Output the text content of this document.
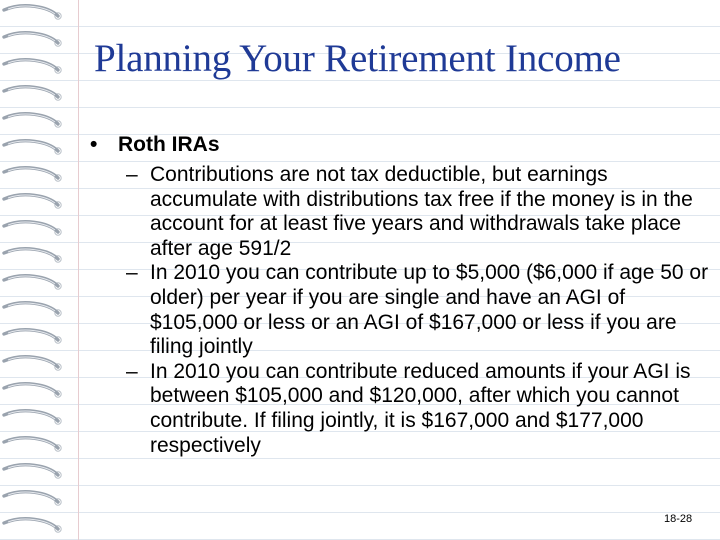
Planning Your Retirement Income
• Roth IRAs
– Contributions are not tax deductible, but earnings accumulate with distributions tax free if the money is in the account for at least five years and withdrawals take place after age 591/2
– In 2010 you can contribute up to $5,000 ($6,000 if age 50 or older) per year if you are single and have an AGI of $105,000 or less or an AGI of $167,000 or less if you are filing jointly
– In 2010 you can contribute reduced amounts if your AGI is between $105,000 and $120,000, after which you cannot contribute. If filing jointly, it is $167,000 and $177,000 respectively
18-28
